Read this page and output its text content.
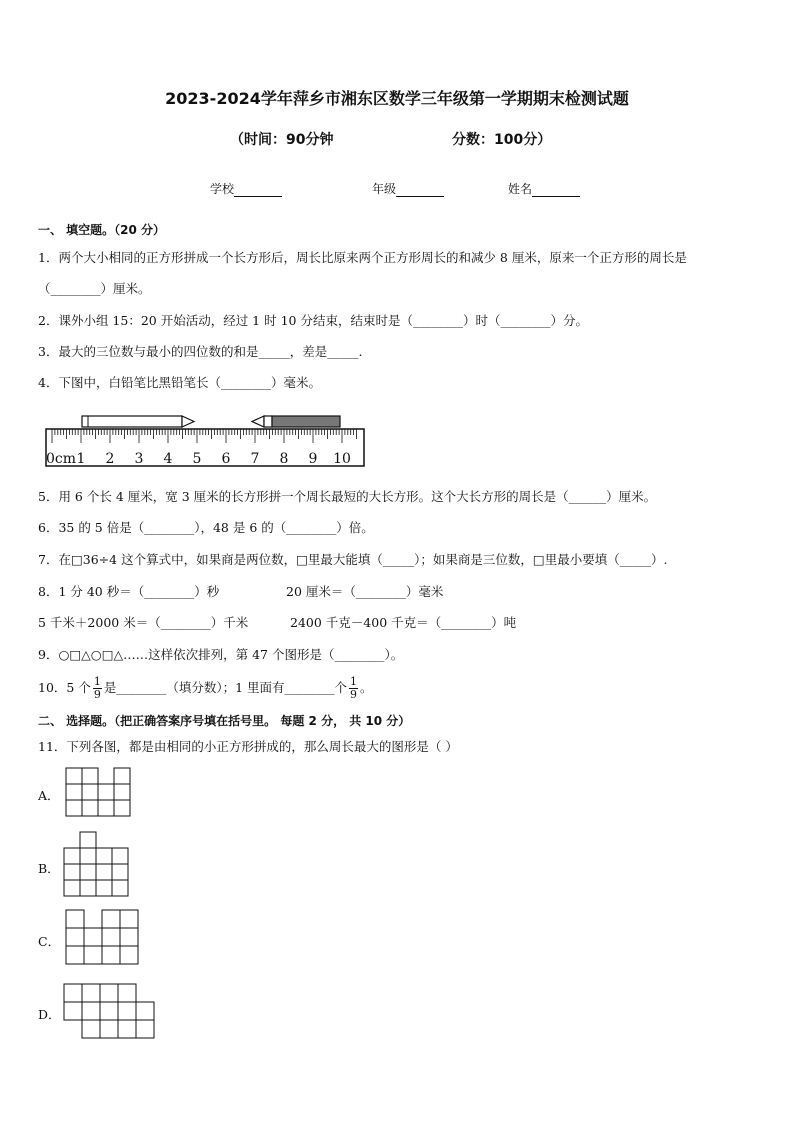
2023-2024学年萍乡市湘东区数学三年级第一学期期末检测试题
（时间：90分钟	分数：100分）
学校	年级	姓名
一、 填空题。（20 分）
1．两个大小相同的正方形拼成一个长方形后，周长比原来两个正方形周长的和减少 8 厘米，原来一个正方形的周长是
（________）厘米。
2．课外小组 15：20 开始活动，经过 1 时 10 分结束，结束时是（________）时（________）分。
3．最大的三位数与最小的四位数的和是_____，差是_____.
4．下图中，白铅笔比黑铅笔长（________）毫米。
0cm 1 2 3 4 5 6 7 8 9 10
5．用 6 个长 4 厘米，宽 3 厘米的长方形拼一个周长最短的大长方形。这个大长方形的周长是（______）厘米。
6．35 的 5 倍是（________），48 是 6 的（________）倍。
7．在□36÷4 这个算式中，如果商是两位数，□里最大能填（_____）；如果商是三位数，□里最小要填（_____）.
8．1 分 40 秒＝（________）秒	20 厘米＝（________）毫米
5 千米＋2000 米＝（________）千米	2400 千克－400 千克＝（________）吨
9．○□△○□△……这样依次排列，第 47 个图形是（________）。
10．5 个 $\frac{1}{9}$ 是________（填分数）；1 里面有________个 $\frac{1}{9}$ 。
二、 选择题。（把正确答案序号填在括号里。 每题 2 分， 共 10 分）
11．下列各图，都是由相同的小正方形拼成的，那么周长最大的图形是（ ）
A．
B．
C．
D．
